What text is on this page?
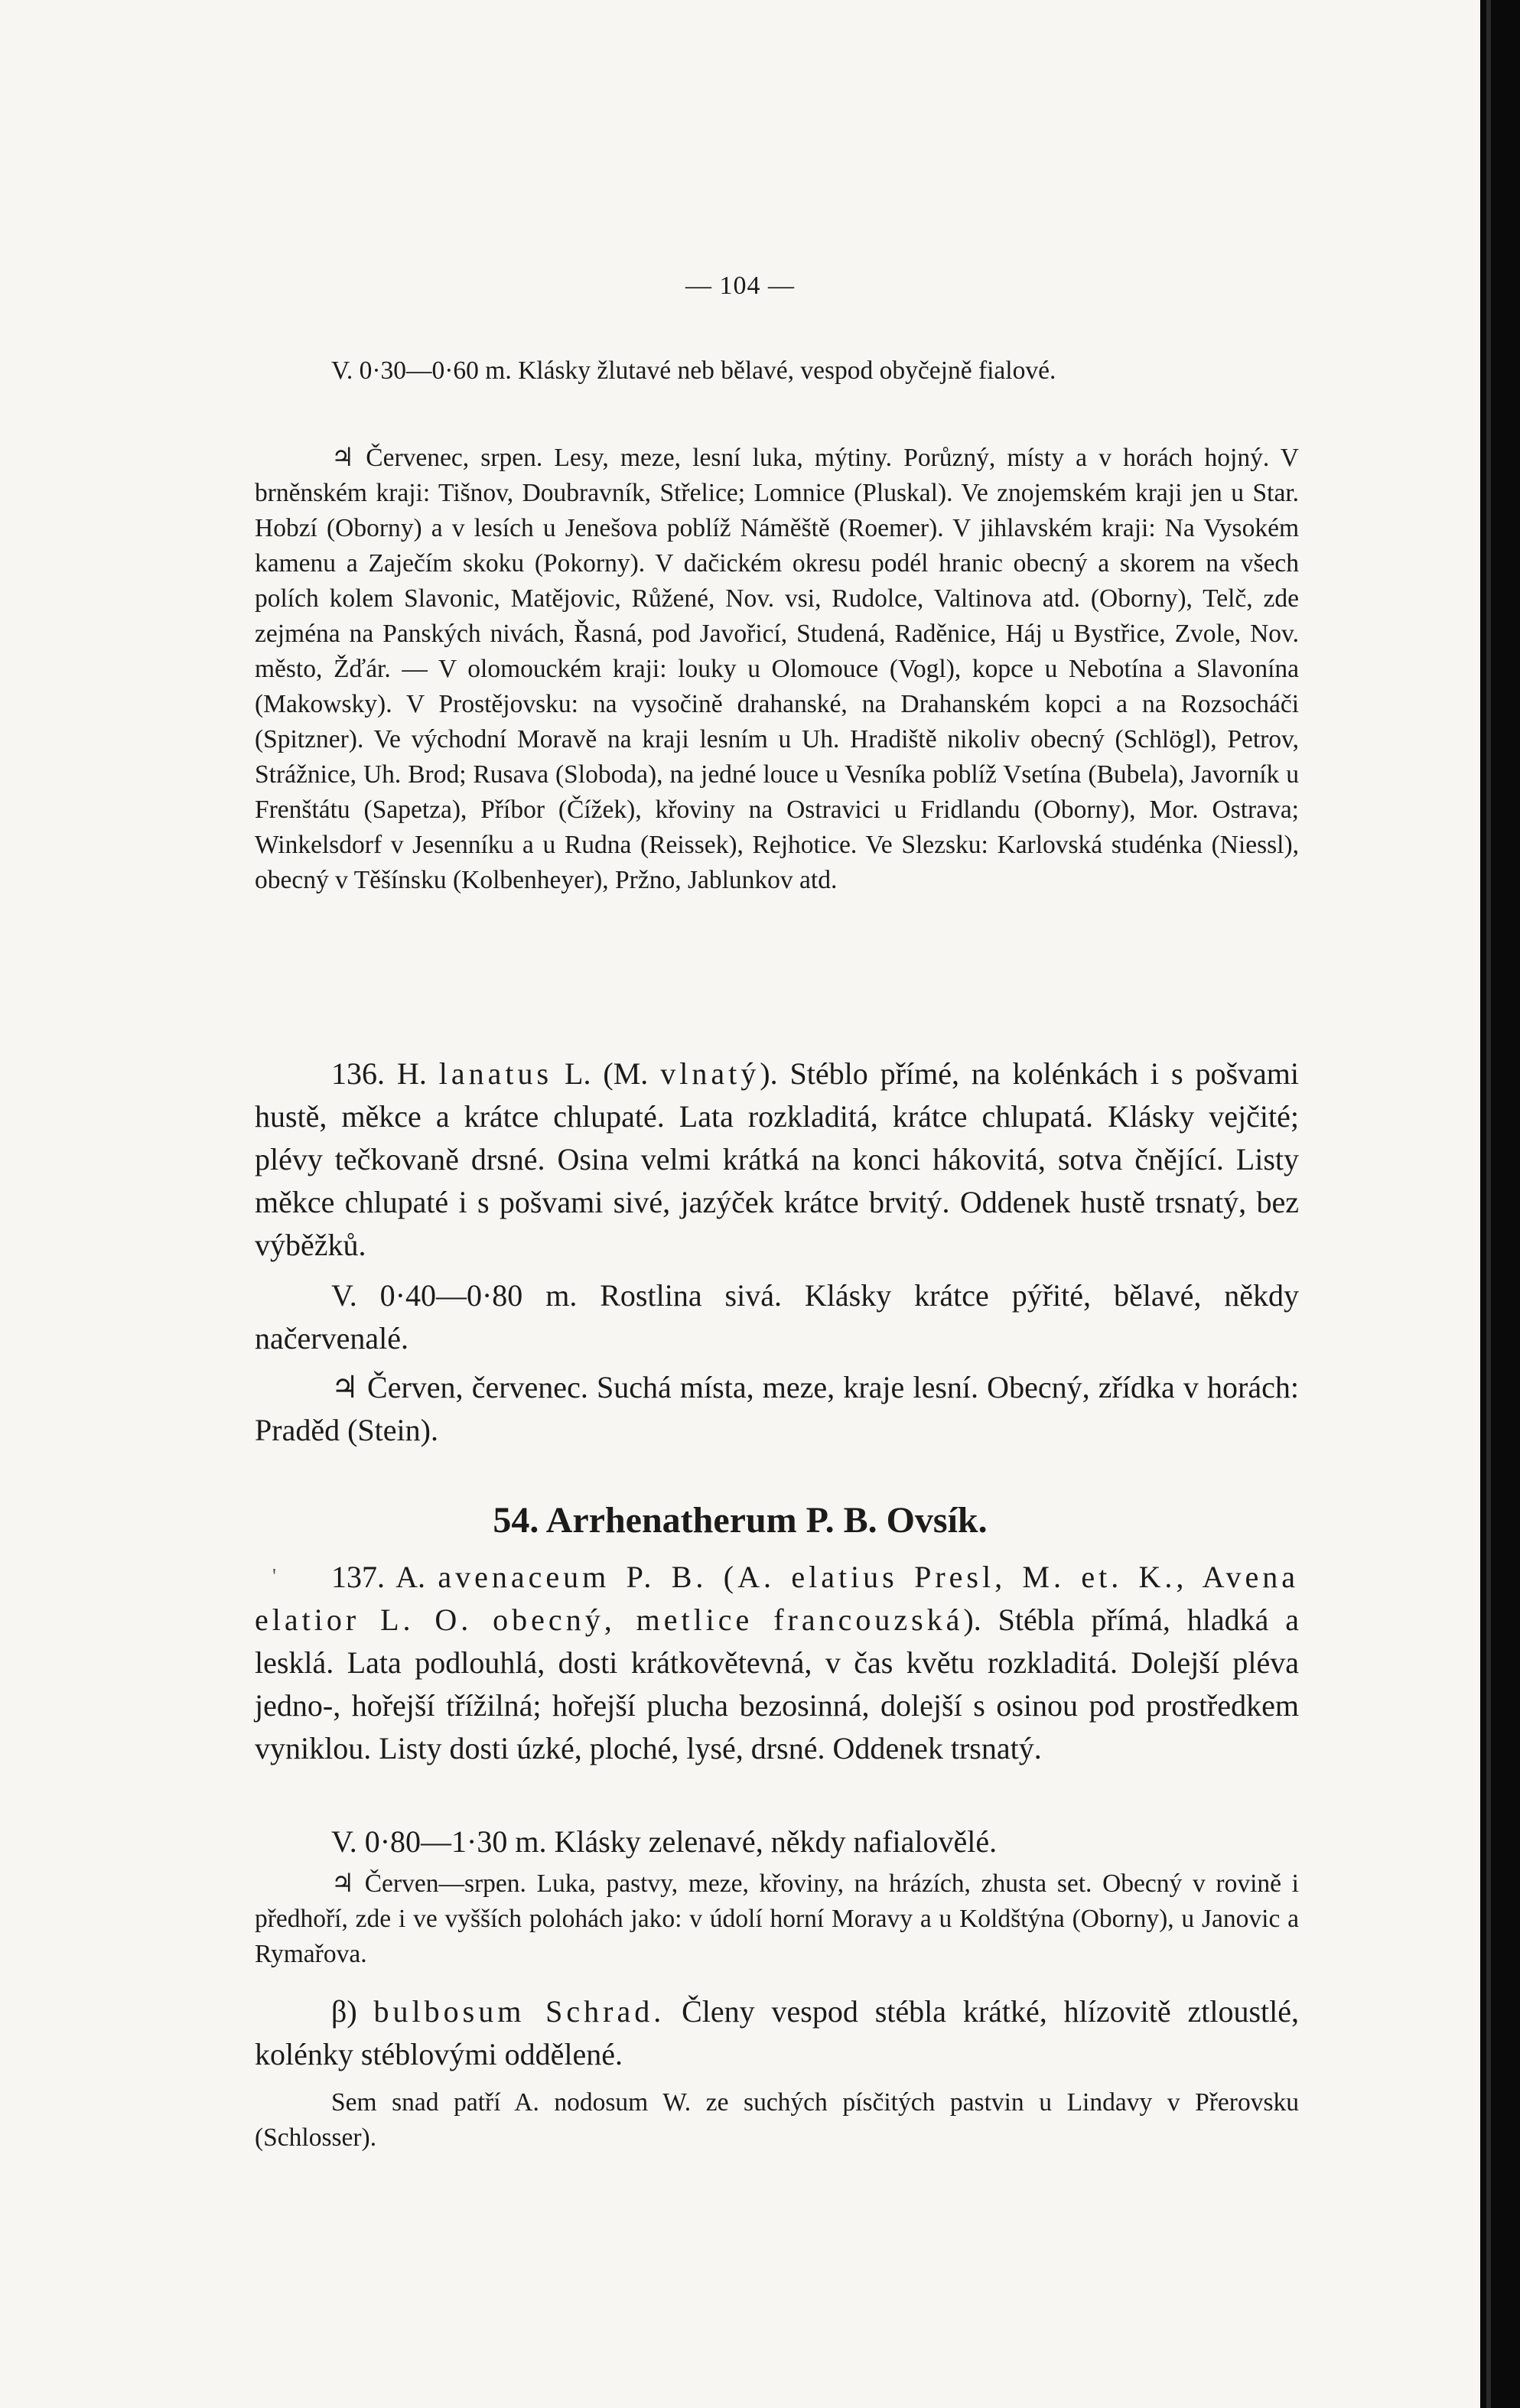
— 104 —

V. 0·30—0·60 m. Klásky žlutavé neb bělavé, vespod obyčejně fialové.

♃ Červenec, srpen. Lesy, meze, lesní luka, mýtiny. Porůzný, místy a v horách hojný. V brněnském kraji: Tišnov, Doubravník, Střelice; Lomnice (Pluskal). Ve znojemském kraji jen u Star. Hobzí (Oborny) a v lesích u Jenešova poblíž Náměště (Roemer). V jihlavském kraji: Na Vysokém kamenu a Zaječím skoku (Pokorny). V dačickém okresu podél hranic obecný a skorem na všech polích kolem Slavonic, Matějovic, Růžené, Nov. vsi, Rudolce, Valtinova atd. (Oborny), Telč, zde zejména na Panských nivách, Řasná, pod Javořicí, Studená, Raděnice, Háj u Bystřice, Zvole, Nov. město, Žďár. — V olomouckém kraji: louky u Olomouce (Vogl), kopce u Nebotína a Slavonína (Makowsky). V Prostějovsku: na vysočině drahanské, na Drahanském kopci a na Rozsocháči (Spitzner). Ve východní Moravě na kraji lesním u Uh. Hradiště nikoliv obecný (Schlögl), Petrov, Strážnice, Uh. Brod; Rusava (Sloboda), na jedné louce u Vesníka poblíž Vsetína (Bubela), Javorník u Frenštátu (Sapetza), Příbor (Čížek), křoviny na Ostravici u Fridlandu (Oborny), Mor. Ostrava; Winkelsdorf v Jesenníku a u Rudna (Reissek), Rejhotice. Ve Slezsku: Karlovská studénka (Niessl), obecný v Těšínsku (Kolbenheyer), Pržno, Jablunkov atd.

136. H. lanatus L. (M. vlnatý). Stéblo přímé, na kolénkách i s pošvami hustě, měkce a krátce chlupaté. Lata rozkladitá, krátce chlupatá. Klásky vejčité; plévy tečkovaně drsné. Osina velmi krátká na konci hákovitá, sotva čnějící. Listy měkce chlupaté i s pošvami sivé, jazýček krátce brvitý. Oddenek hustě trsnatý, bez výběžků.

V. 0·40—0·80 m. Rostlina sivá. Klásky krátce pýřité, bělavé, někdy načervenalé.

♃ Červen, červenec. Suchá místa, meze, kraje lesní. Obecný, zřídka v horách: Praděd (Stein).

54. Arrhenatherum P. B. Ovsík.
'	137. A. avenaceum P. B. (A. elatius Presl, M. et. K., Avena elatior L. O. obecný, metlice francouzská). Stébla přímá, hladká a lesklá. Lata podlouhlá, dosti krátkovětevná, v čas květu rozkladitá. Dolejší pléva jedno-, hořejší třížilná; hořejší plucha bezosinná, dolejší s osinou pod prostředkem vyniklou. Listy dosti úzké, ploché, lysé, drsné. Oddenek trsnatý.

V. 0·80—1·30 m. Klásky zelenavé, někdy nafialovělé.

♃ Červen—srpen. Luka, pastvy, meze, křoviny, na hrázích, zhusta set. Obecný v rovině i předhoří, zde i ve vyšších polohách jako: v údolí horní Moravy a u Koldštýna (Oborny), u Janovic a Rymařova.

β) bulbosum Schrad. Členy vespod stébla krátké, hlízovitě ztloustlé, kolénky stéblovými oddělené.

Sem snad patří A. nodosum W. ze suchých písčitých pastvin u Lindavy v Přerovsku (Schlosser).
